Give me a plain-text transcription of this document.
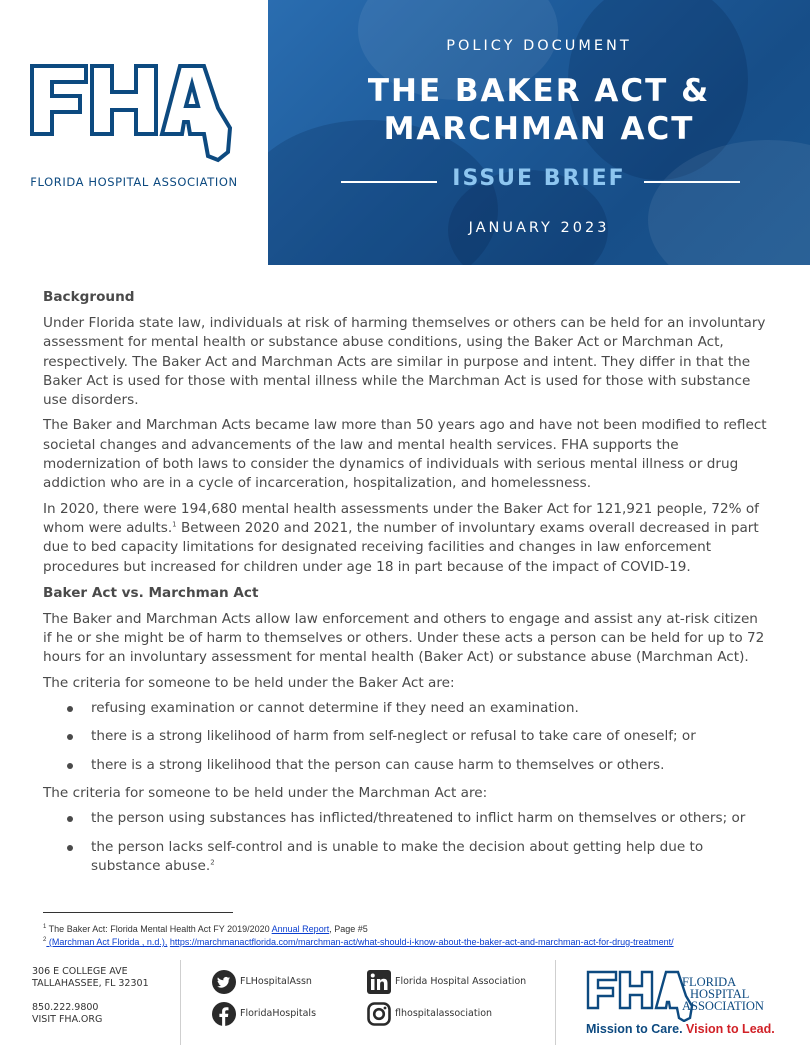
FLORIDA HOSPITAL ASSOCIATION
POLICY DOCUMENT
THE BAKER ACT &
MARCHMAN ACT
ISSUE BRIEF
JANUARY 2023
Background

Under Florida state law, individuals at risk of harming themselves or others can be held for an involuntary assessment for mental health or substance abuse conditions, using the Baker Act or Marchman Act, respectively. The Baker Act and Marchman Acts are similar in purpose and intent. They differ in that the Baker Act is used for those with mental illness while the Marchman Act is used for those with substance use disorders.

The Baker and Marchman Acts became law more than 50 years ago and have not been modified to reflect societal changes and advancements of the law and mental health services. FHA supports the modernization of both laws to consider the dynamics of individuals with serious mental illness or drug addiction who are in a cycle of incarceration, hospitalization, and homelessness.

In 2020, there were 194,680 mental health assessments under the Baker Act for 121,921 people, 72% of whom were adults.$^1$ Between 2020 and 2021, the number of involuntary exams overall decreased in part due to bed capacity limitations for designated receiving facilities and changes in law enforcement procedures but increased for children under age 18 in part because of the impact of COVID-19.

Baker Act vs. Marchman Act

The Baker and Marchman Acts allow law enforcement and others to engage and assist any at-risk citizen if he or she might be of harm to themselves or others. Under these acts a person can be held for up to 72 hours for an involuntary assessment for mental health (Baker Act) or substance abuse (Marchman Act).

The criteria for someone to be held under the Baker Act are:

refusing examination or cannot determine if they need an examination.
there is a strong likelihood of harm from self-neglect or refusal to take care of oneself; or
there is a strong likelihood that the person can cause harm to themselves or others.

The criteria for someone to be held under the Marchman Act are:

the person using substances has inflicted/threatened to inflict harm on themselves or others; or
the person lacks self-control and is unable to make the decision about getting help due to substance abuse.$^2$
$^1$ The Baker Act: Florida Mental Health Act FY 2019/2020 Annual Report, Page #5
$^2$ (Marchman Act Florida , n.d.), https://marchmanactflorida.com/marchman-act/what-should-i-know-about-the-baker-act-and-marchman-act-for-drug-treatment/
306 E COLLEGE AVE
TALLAHASSEE, FL 32301
850.222.9800
VISIT FHA.ORG
FLHospitalAssn
FloridaHospitals
Florida Hospital Association
flhospitalassociation
FLORIDA
HOSPITAL
ASSOCIATION
Mission to Care. Vision to Lead.
